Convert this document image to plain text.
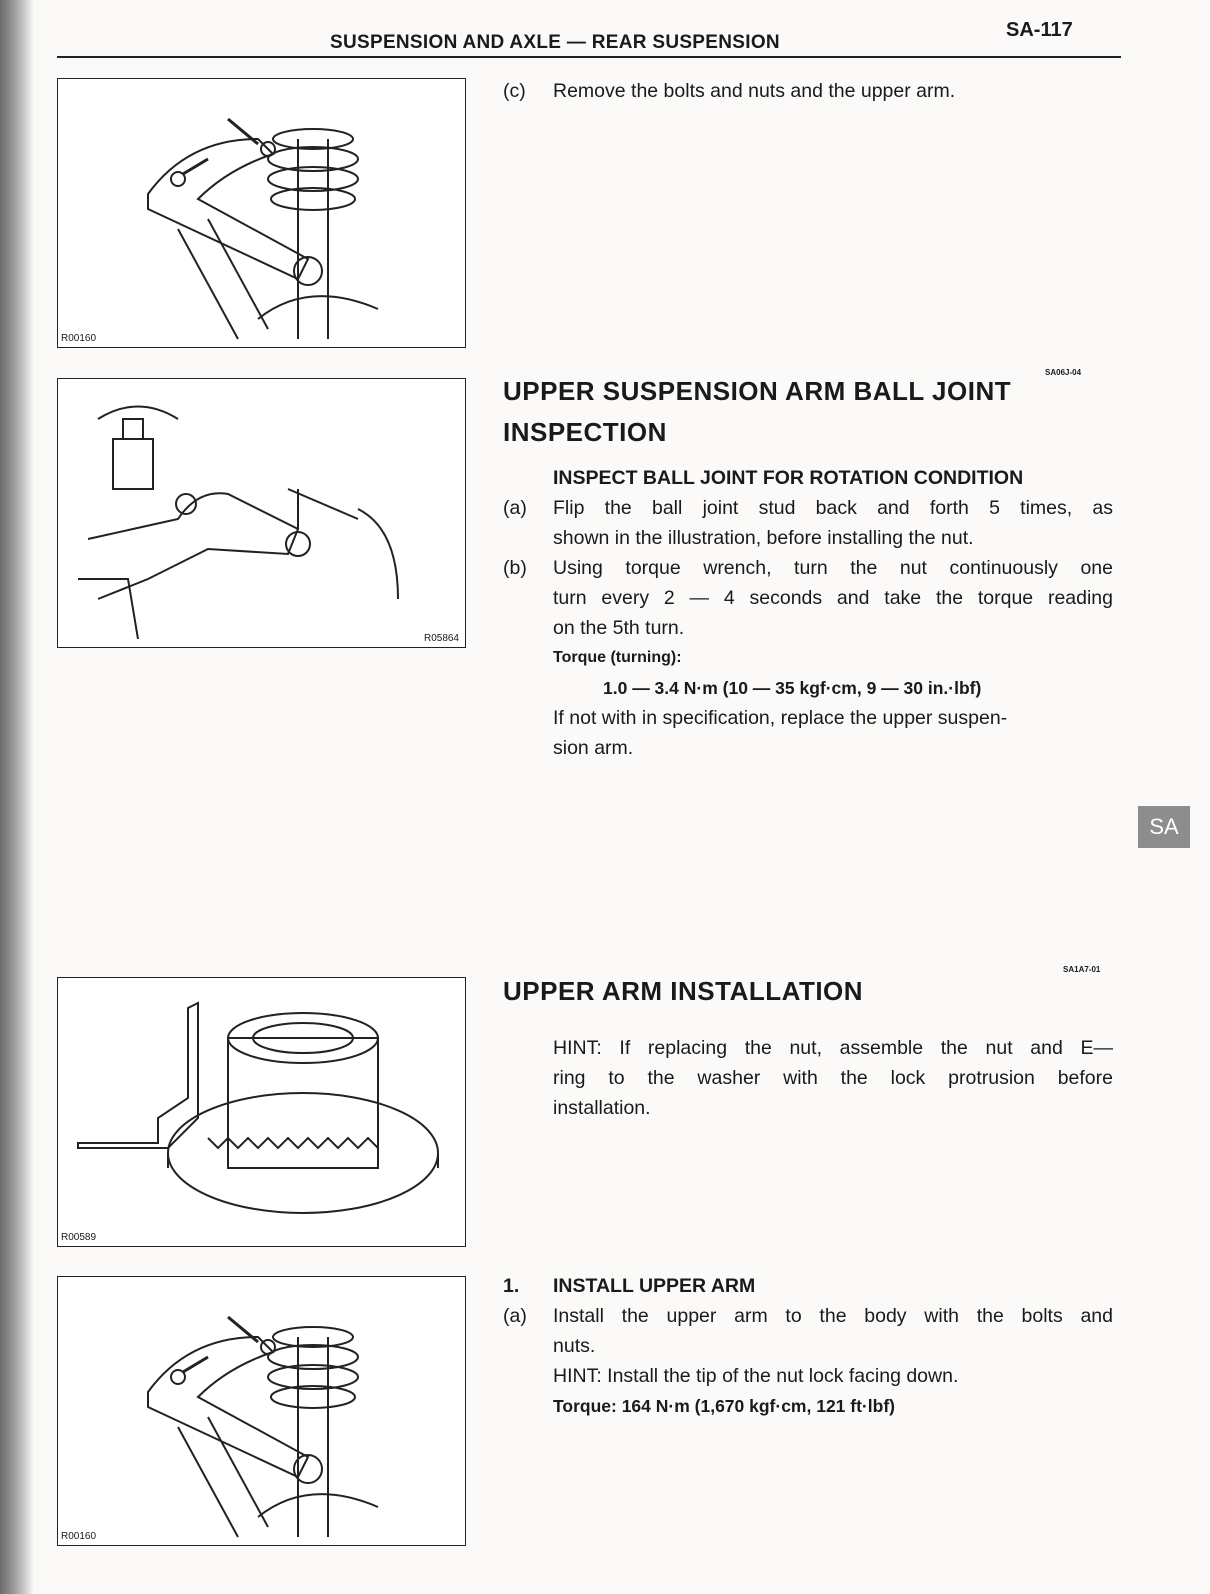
SUSPENSION AND AXLE — REAR SUSPENSION
SA-117
SA
R00160
R05864
R00589
R00160
(c) Remove the bolts and nuts and the upper arm.
SA06J-04
UPPER SUSPENSION ARM BALL JOINT
INSPECTION
INSPECT BALL JOINT FOR ROTATION CONDITION
(a) Flip the ball joint stud back and forth 5 times, as
shown in the illustration, before installing the nut.
(b) Using torque wrench, turn the nut continuously one
turn every 2 — 4 seconds and take the torque reading
on the 5th turn.
Torque (turning):
1.0 — 3.4 N·m (10 — 35 kgf·cm, 9 — 30 in.·lbf)
If not with in specification, replace the upper suspen-
sion arm.
SA1A7-01
UPPER ARM INSTALLATION
HINT: If replacing the nut, assemble the nut and E—
ring to the washer with the lock protrusion before
installation.
1. INSTALL UPPER ARM
(a) Install the upper arm to the body with the bolts and
nuts.
HINT: Install the tip of the nut lock facing down.
Torque: 164 N·m (1,670 kgf·cm, 121 ft·lbf)
